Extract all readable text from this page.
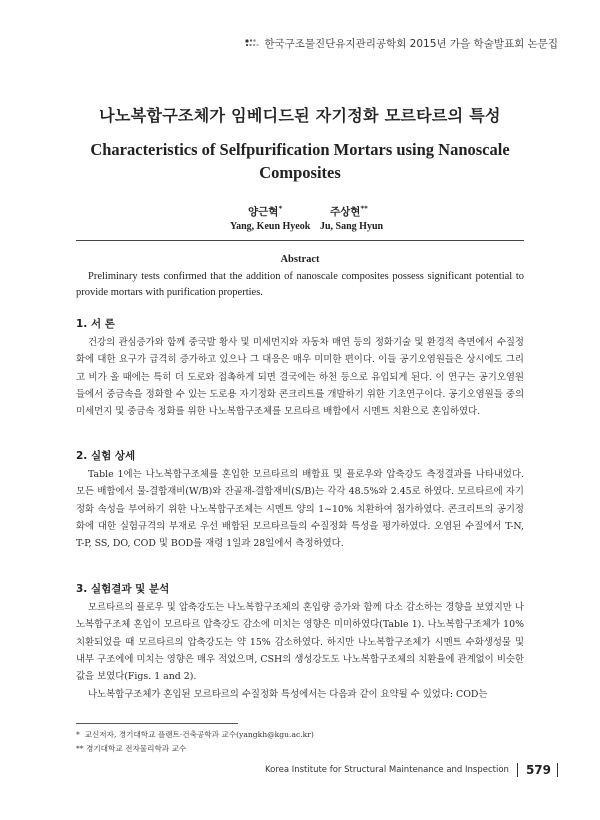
한국구조물진단유지관리공학회 2015년 가을 학술발표회 논문집
나노복합구조체가 임베디드된 자기정화 모르타르의 특성
Characteristics of Selfpurification Mortars using Nanoscale Composites
양근혁*	주상현**
Yang, Keun Hyeok Ju, Sang Hyun
Abstract
Preliminary tests confirmed that the addition of nanoscale composites possess significant potential to provide mortars with purification properties.
1. 서 론
건강의 관심증가와 함께 중국발 황사 및 미세먼지와 자동차 매연 등의 정화기술 및 환경적 측면에서 수질정화에 대한 요구가 급격히 증가하고 있으나 그 대응은 매우 미미한 편이다. 이들 공기오염원들은 상시에도 그리고 비가 올 때에는 특히 더 도로와 접촉하게 되면 결국에는 하천 등으로 유입되게 된다. 이 연구는 공기오염원들에서 중금속을 정화할 수 있는 도로용 자기정화 콘크리트를 개발하기 위한 기초연구이다. 공기오염원들 중의 미세먼지 및 중금속 정화를 위한 나노복합구조체를 모르타르 배합에서 시멘트 치환으로 혼입하였다.
2. 실험 상세
Table 1에는 나노복합구조체를 혼입한 모르타르의 배합표 및 플로우와 압축강도 측정결과를 나타내었다. 모든 배합에서 물-결합재비(W/B)와 잔골재-결합재비(S/B)는 각각 48.5%와 2.45로 하였다. 모르타르에 자기정화 속성을 부여하기 위한 나노복합구조체는 시멘트 양의 1~10% 치환하여 첨가하였다. 콘크리트의 공기정화에 대한 실험규격의 부재로 우선 배합된 모르타르들의 수질정화 특성을 평가하였다. 오염된 수질에서 T-N, T-P, SS, DO, COD 및 BOD를 재령 1일과 28일에서 측정하였다.
3. 실험결과 및 분석
모르타르의 플로우 및 압축강도는 나노복합구조체의 혼입량 증가와 함께 다소 감소하는 경향을 보였지만 나노복합구조체 혼입이 모르타르 압축강도 감소에 미치는 영향은 미미하였다(Table 1). 나노복합구조체가 10% 치환되었을 때 모르타르의 압축강도는 약 15% 감소하였다. 하지만 나노복합구조체가 시멘트 수화생성물 및 내부 구조에에 미치는 영향은 매우 적었으며, CSH의 생성강도도 나노복합구조체의 치환율에 관계없이 비슷한 값을 보였다(Figs. 1 and 2).
나노복합구조체가 혼입된 모르타르의 수질정화 특성에서는 다음과 같이 요약될 수 있었다: COD는
* 교신저자, 경기대학교 플랜트·건축공학과 교수(yangkh@kgu.ac.kr)
** 경기대학교 전자물리학과 교수
Korea Institute for Structural Maintenance and Inspection 579
